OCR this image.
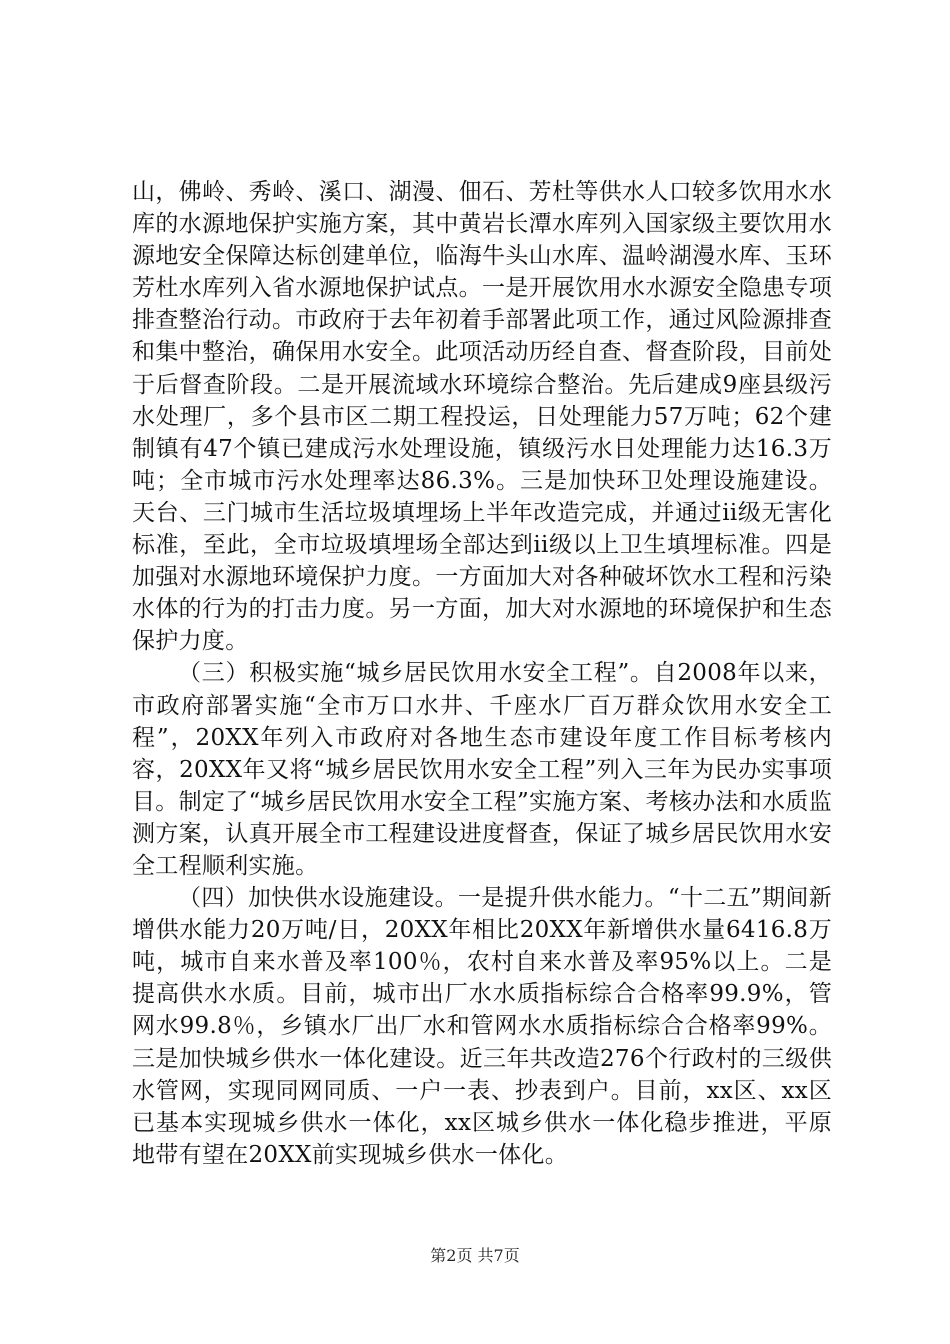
山，佛岭、秀岭、溪口、湖漫、佃石、芳杜等供水人口较多饮用水水库的水源地保护实施方案，其中黄岩长潭水库列入国家级主要饮用水源地安全保障达标创建单位，临海牛头山水库、温岭湖漫水库、玉环芳杜水库列入省水源地保护试点。一是开展饮用水水源安全隐患专项排查整治行动。市政府于去年初着手部署此项工作，通过风险源排查和集中整治，确保用水安全。此项活动历经自查、督查阶段，目前处于后督查阶段。二是开展流域水环境综合整治。先后建成9座县级污水处理厂，多个县市区二期工程投运，日处理能力57万吨；62个建制镇有47个镇已建成污水处理设施，镇级污水日处理能力达16.3万吨；全市城市污水处理率达86.3%。三是加快环卫处理设施建设。天台、三门城市生活垃圾填埋场上半年改造完成，并通过ii级无害化标准，至此，全市垃圾填埋场全部达到ii级以上卫生填埋标准。四是加强对水源地环境保护力度。一方面加大对各种破坏饮水工程和污染水体的行为的打击力度。另一方面，加大对水源地的环境保护和生态保护力度。

（三）积极实施“城乡居民饮用水安全工程”。自2008年以来，市政府部署实施“全市万口水井、千座水厂百万群众饮用水安全工程”，20XX年列入市政府对各地生态市建设年度工作目标考核内容，20XX年又将“城乡居民饮用水安全工程”列入三年为民办实事项目。制定了“城乡居民饮用水安全工程”实施方案、考核办法和水质监测方案，认真开展全市工程建设进度督查，保证了城乡居民饮用水安全工程顺利实施。

（四）加快供水设施建设。一是提升供水能力。“十二五”期间新增供水能力20万吨/日，20XX年相比20XX年新增供水量6416.8万吨，城市自来水普及率100％，农村自来水普及率95%以上。二是提高供水水质。目前，城市出厂水水质指标综合合格率99.9%，管网水99.8％，乡镇水厂出厂水和管网水水质指标综合合格率99%。三是加快城乡供水一体化建设。近三年共改造276个行政村的三级供水管网，实现同网同质、一户一表、抄表到户。目前，xx区、xx区已基本实现城乡供水一体化，xx区城乡供水一体化稳步推进，平原地带有望在20XX前实现城乡供水一体化。

第2页 共7页
